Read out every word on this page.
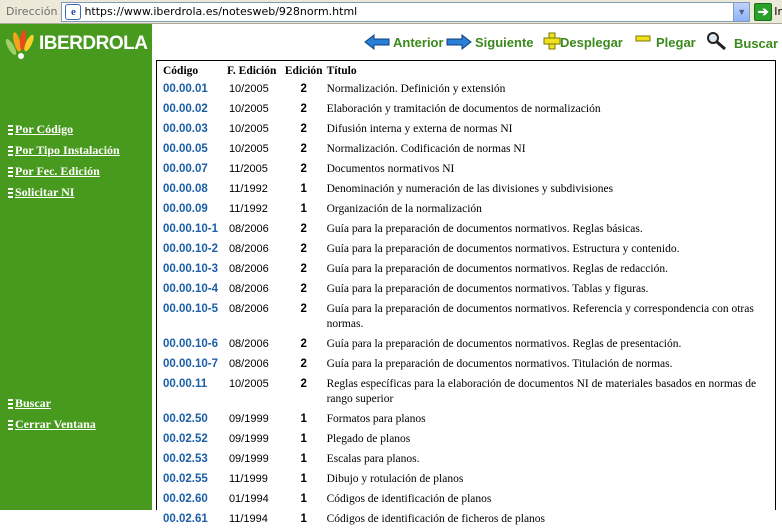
Dirección	e https://www.iberdrola.es/notesweb/928norm.html	▼ ➔ Ir
IBERDROLA
Por Código
Por Tipo Instalación
Por Fec. Edición
Solicitar NI
Buscar
Cerrar Ventana
Anterior Siguiente Desplegar	Plegar	Buscar
Código	F. Edición	Edición	Título
00.00.01	10/2005	2	Normalización. Definición y extensión
00.00.02	10/2005	2	Elaboración y tramitación de documentos de normalización
00.00.03	10/2005	2	Difusión interna y externa de normas NI
00.00.05	10/2005	2	Normalización. Codificación de normas NI
00.00.07	11/2005	2	Documentos normativos NI
00.00.08	11/1992	1	Denominación y numeración de las divisiones y subdivisiones
00.00.09	11/1992	1	Organización de la normalización
00.00.10-1	08/2006	2	Guía para la preparación de documentos normativos. Reglas básicas.
00.00.10-2	08/2006	2	Guía para la preparación de documentos normativos. Estructura y contenido.
00.00.10-3	08/2006	2	Guía para la preparación de documentos normativos. Reglas de redacción.
00.00.10-4	08/2006	2	Guía para la preparación de documentos normativos. Tablas y figuras.
00.00.10-5	08/2006	2	Guía para la preparación de documentos normativos. Referencia y correspondencia con otras normas.
00.00.10-6	08/2006	2	Guía para la preparación de documentos normativos. Reglas de presentación.
00.00.10-7	08/2006	2	Guía para la preparación de documentos normativos. Titulación de normas.
00.00.11	10/2005	2	Reglas específicas para la elaboración de documentos NI de materiales basados en normas de rango superior
00.02.50	09/1999	1	Formatos para planos
00.02.52	09/1999	1	Plegado de planos
00.02.53	09/1999	1	Escalas para planos.
00.02.55	11/1999	1	Dibujo y rotulación de planos
00.02.60	01/1994	1	Códigos de identificación de planos
00.02.61	11/1994	1	Códigos de identificación de ficheros de planos
